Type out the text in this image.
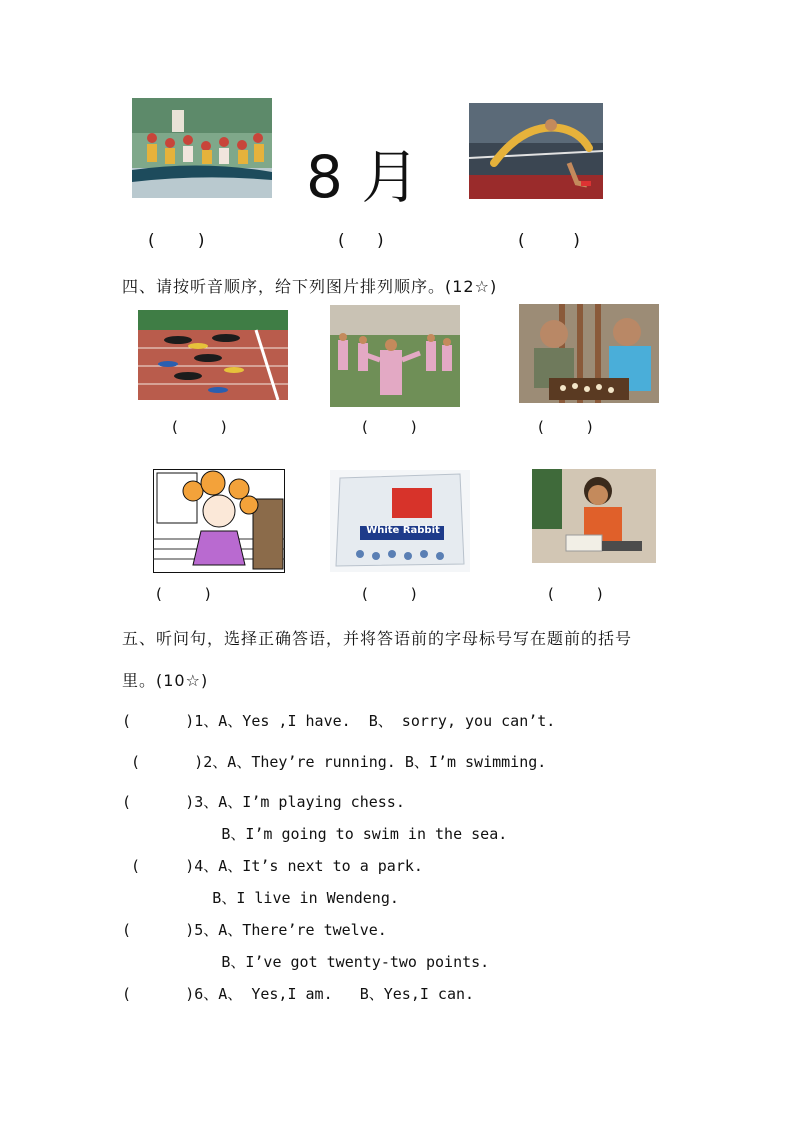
8 月
(        )	(      )	(         )
四、请按听音顺序，给下列图片排列顺序。(12☆)
(         )	(         )	(         )
White Rabbit
(         )	(         )	(         )
五、听问句，选择正确答语，并将答语前的字母标号写在题前的括号
里。(10☆)
(      )1、A、Yes ,I have.  B、 sorry, you can’t.
(      )2、A、They’re running. B、I’m swimming.
(      )3、A、I’m playing chess.
B、I’m going to swim in the sea.
(     )4、A、It’s next to a park.
B、I live in Wendeng.
(      )5、A、There’re twelve.
B、I’ve got twenty-two points.
(      )6、A、 Yes,I am.   B、Yes,I can.
